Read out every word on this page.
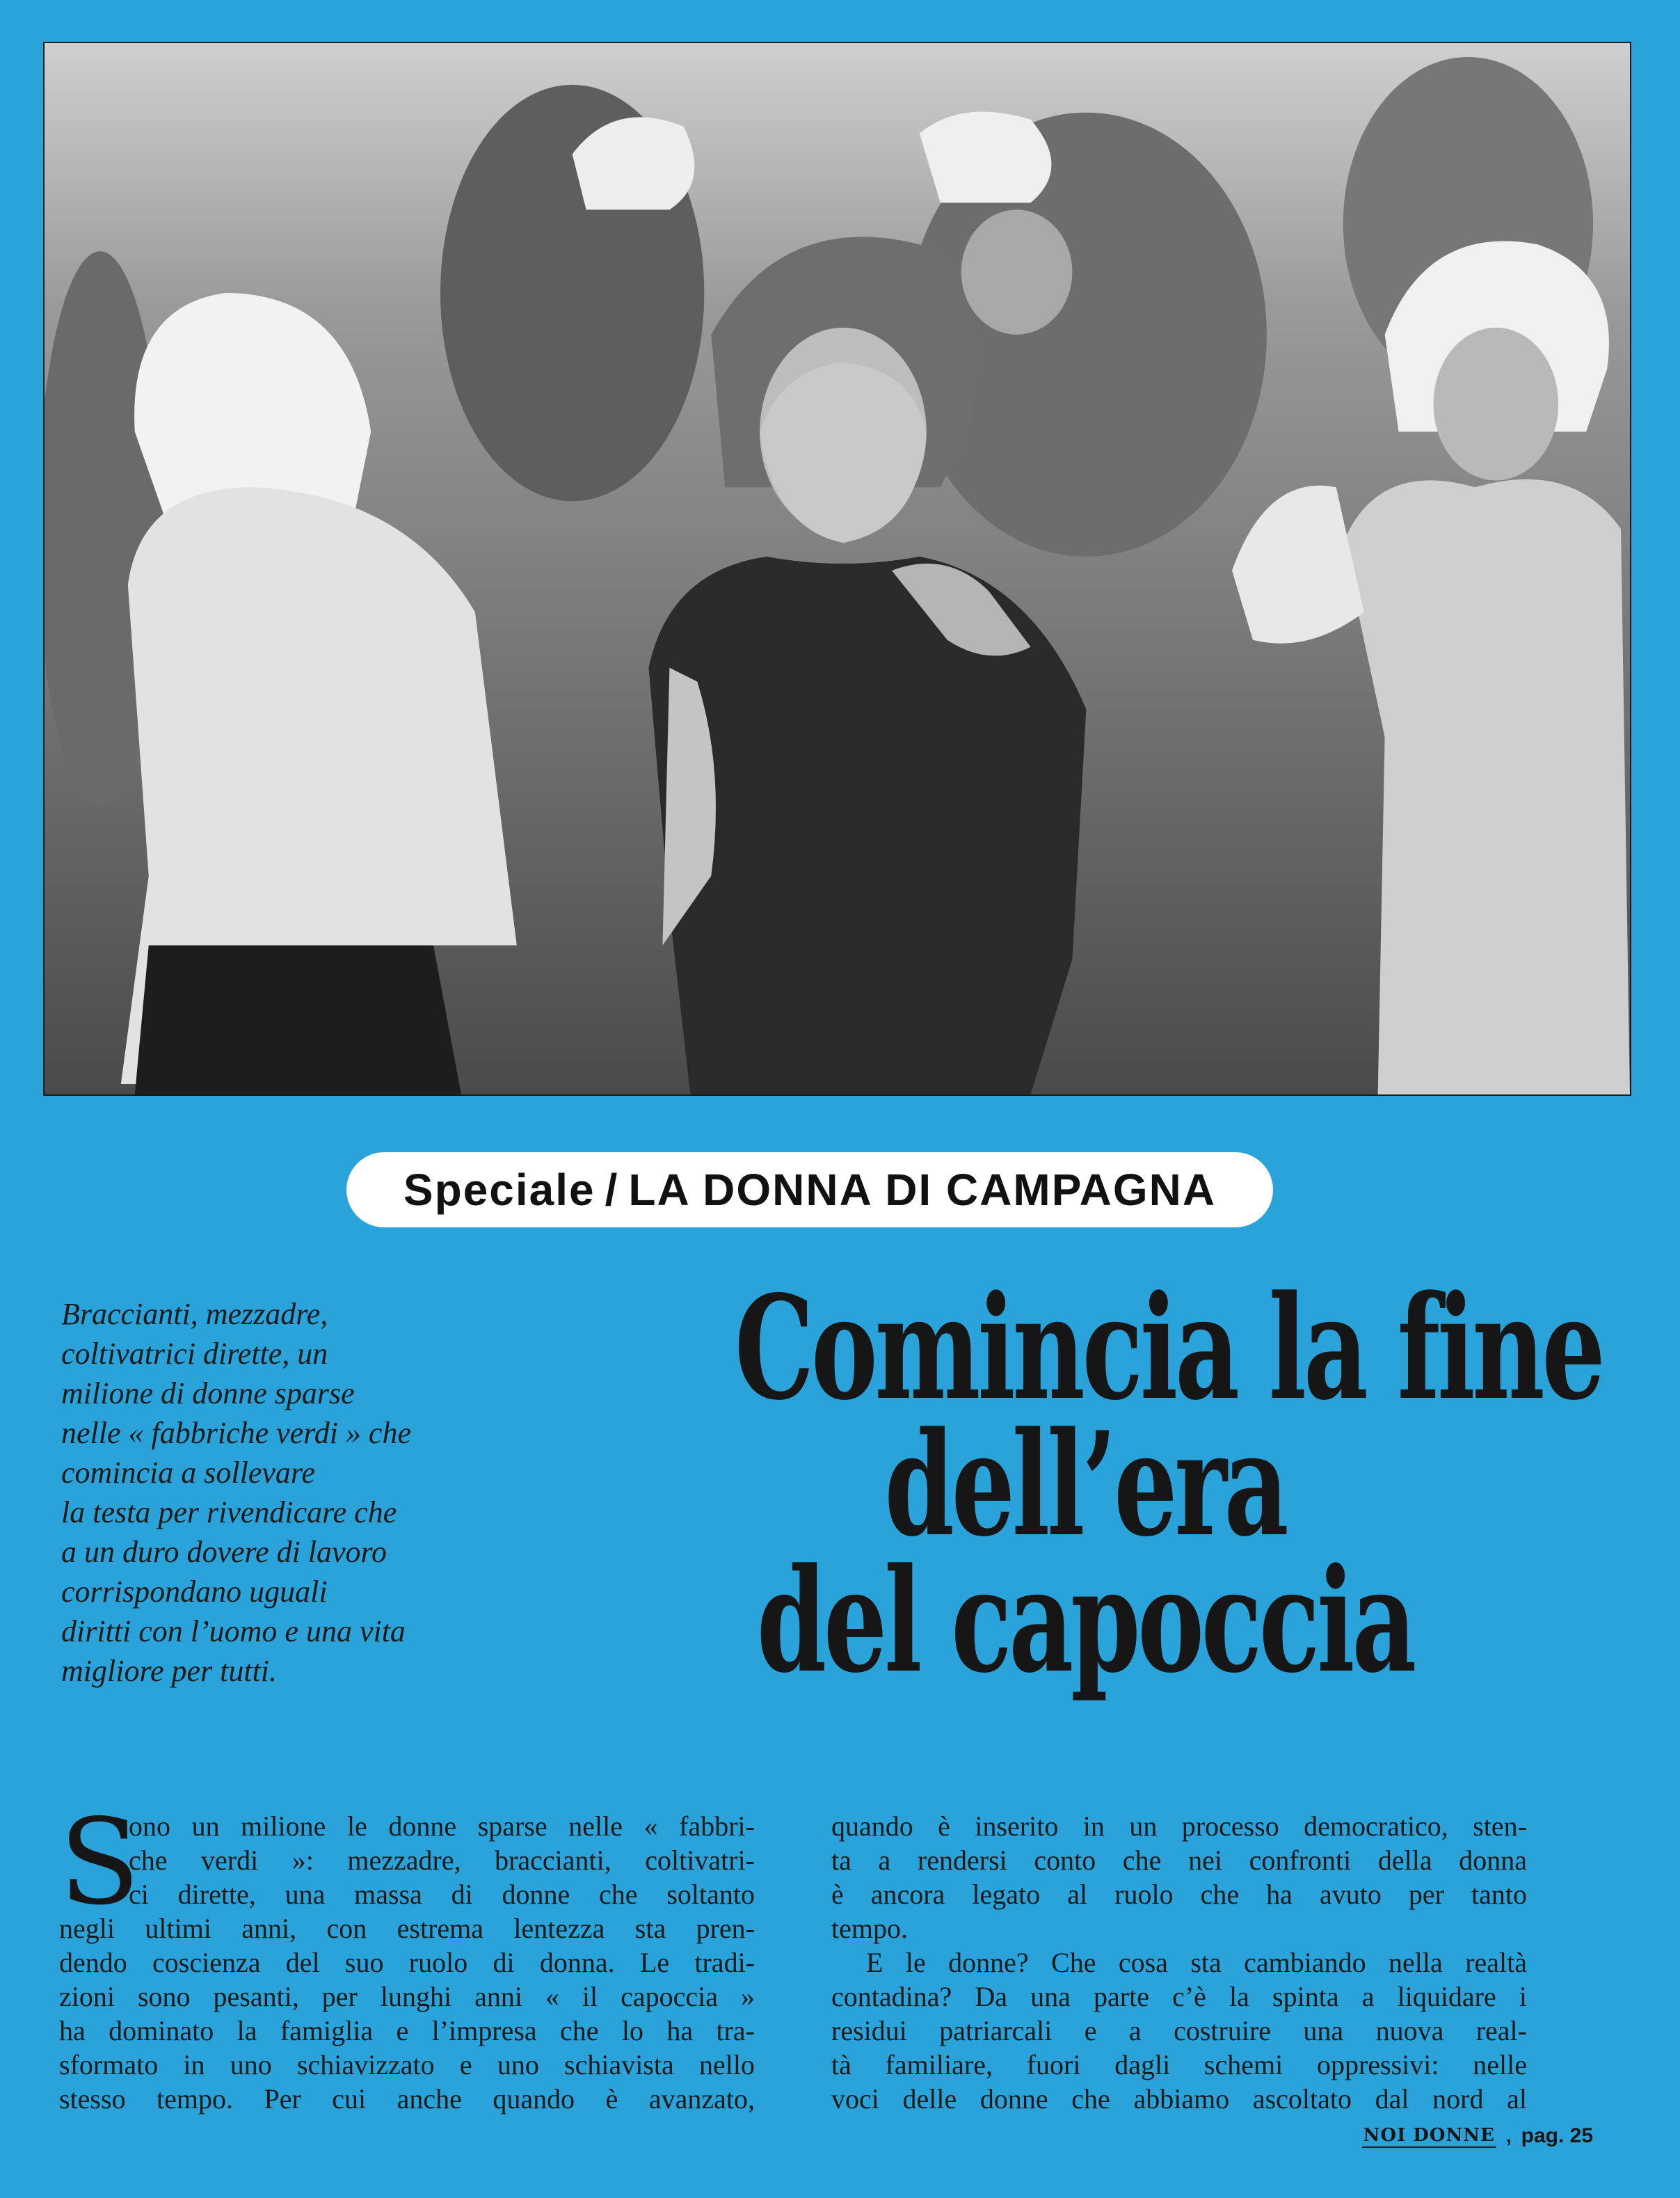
Speciale / LA DONNA DI CAMPAGNA
Braccianti, mezzadre,
coltivatrici dirette, un
milione di donne sparse
nelle « fabbriche verdi » che
comincia a sollevare
la testa per rivendicare che
a un duro dovere di lavoro
corrispondano uguali
diritti con l’uomo e una vita
migliore per tutti.
Comincia la fine
dell’era
del capoccia
S
ono un milione le donne sparse nelle « fabbri-
che verdi »: mezzadre, braccianti, coltivatri-
ci dirette, una massa di donne che soltanto
negli ultimi anni, con estrema lentezza sta pren-
dendo coscienza del suo ruolo di donna. Le tradi-
zioni sono pesanti, per lunghi anni « il capoccia »
ha dominato la famiglia e l’impresa che lo ha tra-
sformato in uno schiavizzato e uno schiavista nello
stesso tempo. Per cui anche quando è avanzato,
quando è inserito in un processo democratico, sten-
ta a rendersi conto che nei confronti della donna
è ancora legato al ruolo che ha avuto per tanto
tempo.
E le donne? Che cosa sta cambiando nella realtà
contadina? Da una parte c’è la spinta a liquidare i
residui patriarcali e a costruire una nuova real-
tà familiare, fuori dagli schemi oppressivi: nelle
voci delle donne che abbiamo ascoltato dal nord al
NOI DONNE , pag. 25
